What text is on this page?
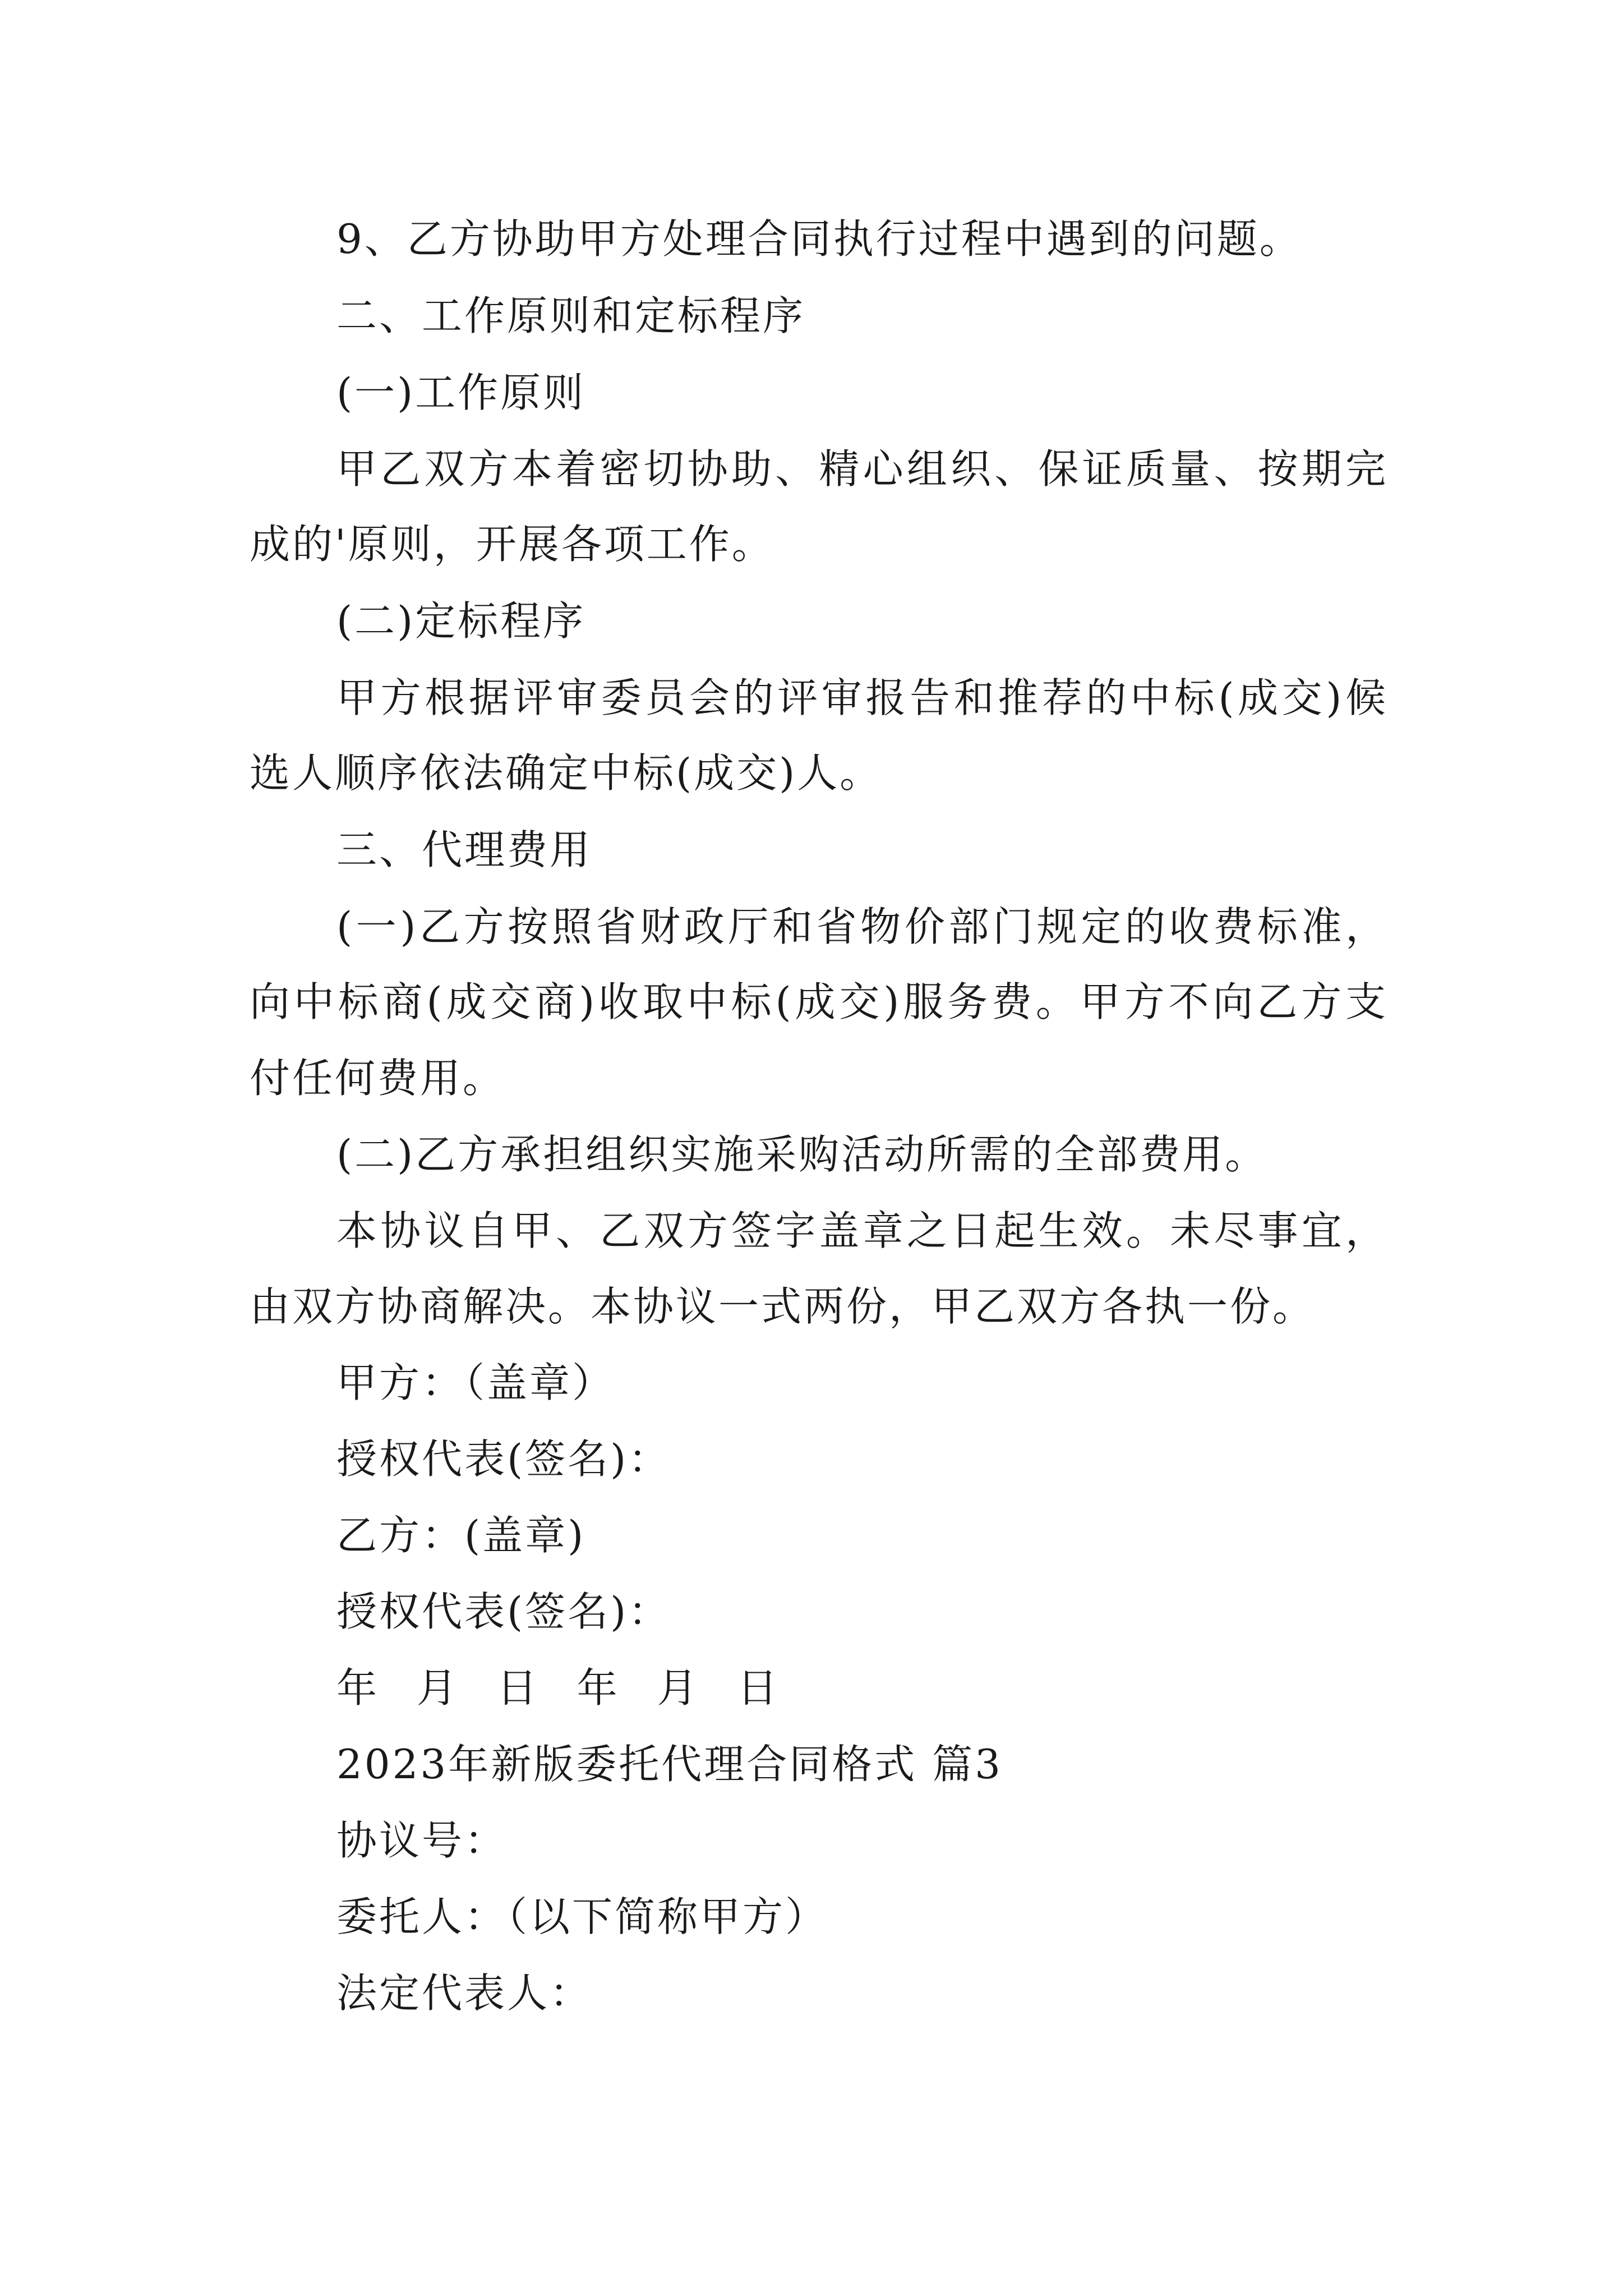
9、乙方协助甲方处理合同执行过程中遇到的问题。

二、工作原则和定标程序

(一)工作原则

甲乙双方本着密切协助、精心组织、保证质量、按期完

成的'原则，开展各项工作。

(二)定标程序

甲方根据评审委员会的评审报告和推荐的中标(成交)候

选人顺序依法确定中标(成交)人。

三、代理费用

(一)乙方按照省财政厅和省物价部门规定的收费标准，

向中标商(成交商)收取中标(成交)服务费。甲方不向乙方支

付任何费用。

(二)乙方承担组织实施采购活动所需的全部费用。

本协议自甲、乙双方签字盖章之日起生效。未尽事宜，

由双方协商解决。本协议一式两份，甲乙双方各执一份。

甲方：（盖章）

授权代表(签名)：

乙方：(盖章)

授权代表(签名)：

年 月 日 年 月 日

2023年新版委托代理合同格式 篇3

协议号：

委托人：（以下简称甲方）

法定代表人：
